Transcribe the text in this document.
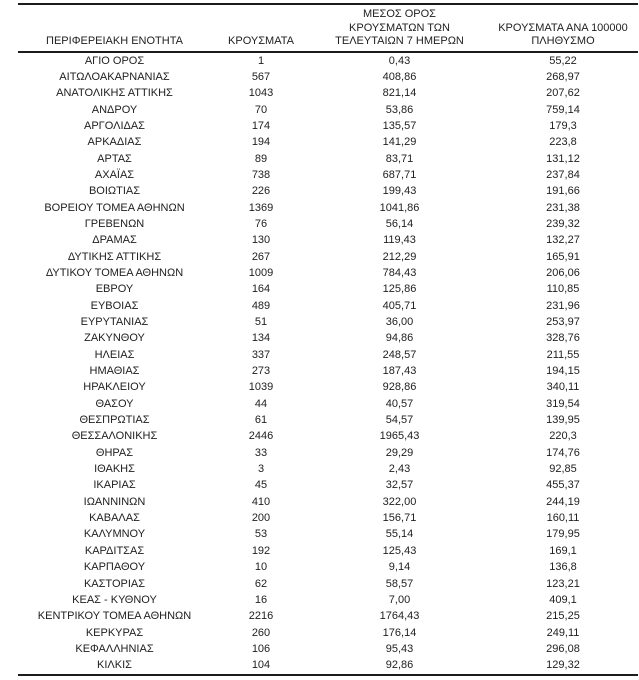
ΠΕΡΙΦΕΡΕΙΑΚΗ ΕΝΟΤΗΤΑ	ΚΡΟΥΣΜΑΤΑ	ΜΕΣΟΣ ΟΡΟΣ
ΚΡΟΥΣΜΑΤΩΝ ΤΩΝ
ΤΕΛΕΥΤΑΙΩΝ 7 ΗΜΕΡΩΝ	ΚΡΟΥΣΜΑΤΑ ΑΝΑ 100000
ΠΛΗΘΥΣΜΟ

ΑΓΙΟ ΟΡΟΣ	1	0,43	55,22
ΑΙΤΩΛΟΑΚΑΡΝΑΝΙΑΣ	567	408,86	268,97
ΑΝΑΤΟΛΙΚΗΣ ΑΤΤΙΚΗΣ	1043	821,14	207,62
ΑΝΔΡΟΥ	70	53,86	759,14
ΑΡΓΟΛΙΔΑΣ	174	135,57	179,3
ΑΡΚΑΔΙΑΣ	194	141,29	223,8
ΑΡΤΑΣ	89	83,71	131,12
ΑΧΑΪΑΣ	738	687,71	237,84
ΒΟΙΩΤΙΑΣ	226	199,43	191,66
ΒΟΡΕΙΟΥ ΤΟΜΕΑ ΑΘΗΝΩΝ	1369	1041,86	231,38
ΓΡΕΒΕΝΩΝ	76	56,14	239,32
ΔΡΑΜΑΣ	130	119,43	132,27
ΔΥΤΙΚΗΣ ΑΤΤΙΚΗΣ	267	212,29	165,91
ΔΥΤΙΚΟΥ ΤΟΜΕΑ ΑΘΗΝΩΝ	1009	784,43	206,06
ΕΒΡΟΥ	164	125,86	110,85
ΕΥΒΟΙΑΣ	489	405,71	231,96
ΕΥΡΥΤΑΝΙΑΣ	51	36,00	253,97
ΖΑΚΥΝΘΟΥ	134	94,86	328,76
ΗΛΕΙΑΣ	337	248,57	211,55
ΗΜΑΘΙΑΣ	273	187,43	194,15
ΗΡΑΚΛΕΙΟΥ	1039	928,86	340,11
ΘΑΣΟΥ	44	40,57	319,54
ΘΕΣΠΡΩΤΙΑΣ	61	54,57	139,95
ΘΕΣΣΑΛΟΝΙΚΗΣ	2446	1965,43	220,3
ΘΗΡΑΣ	33	29,29	174,76
ΙΘΑΚΗΣ	3	2,43	92,85
ΙΚΑΡΙΑΣ	45	32,57	455,37
ΙΩΑΝΝΙΝΩΝ	410	322,00	244,19
ΚΑΒΑΛΑΣ	200	156,71	160,11
ΚΑΛΥΜΝΟΥ	53	55,14	179,95
ΚΑΡΔΙΤΣΑΣ	192	125,43	169,1
ΚΑΡΠΑΘΟΥ	10	9,14	136,8
ΚΑΣΤΟΡΙΑΣ	62	58,57	123,21
ΚΕΑΣ - ΚΥΘΝΟΥ	16	7,00	409,1
ΚΕΝΤΡΙΚΟΥ ΤΟΜΕΑ ΑΘΗΝΩΝ	2216	1764,43	215,25
ΚΕΡΚΥΡΑΣ	260	176,14	249,11
ΚΕΦΑΛΛΗΝΙΑΣ	106	95,43	296,08
ΚΙΛΚΙΣ	104	92,86	129,32
